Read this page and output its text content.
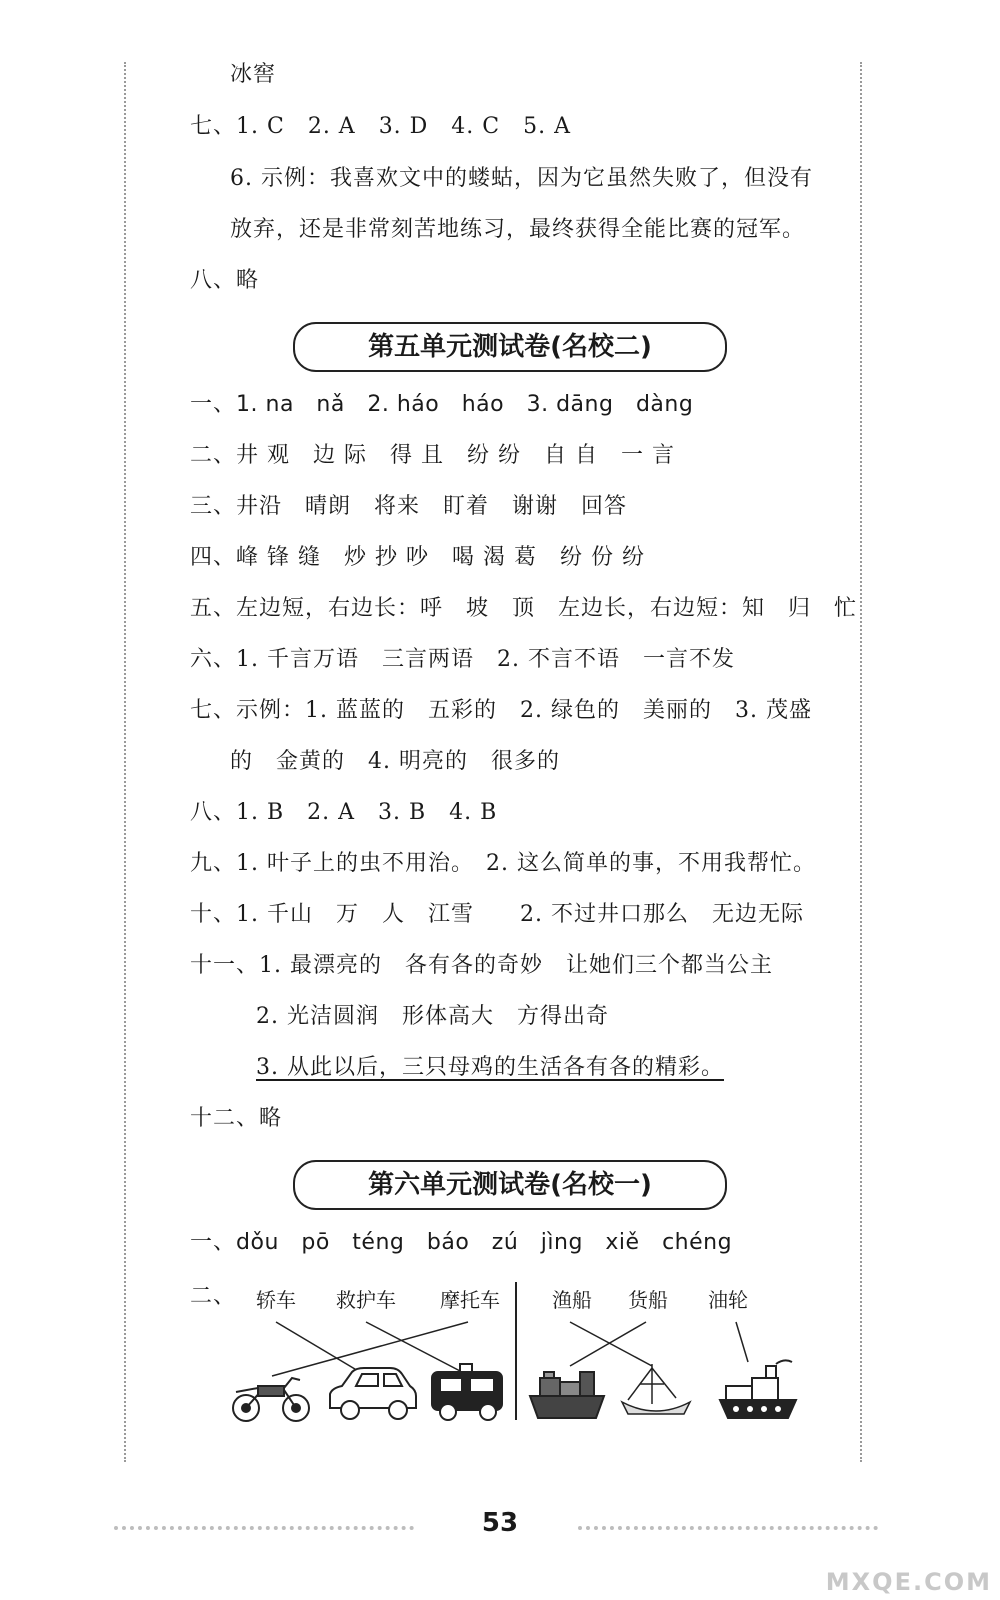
冰窖
七、1. C　2. A　3. D　4. C　5. A
6. 示例：我喜欢文中的蝼蛄，因为它虽然失败了，但没有
放弃，还是非常刻苦地练习，最终获得全能比赛的冠军。
八、略
第五单元测试卷(名校二)
一、1. na　nǎ　2. háo　háo　3. dāng　dàng
二、井 观　边 际　得 且　纷 纷　自 自　一 言
三、井沿　晴朗　将来　盯着　谢谢　回答
四、峰 锋 缝　炒 抄 吵　喝 渴 葛　纷 份 纷
五、左边短，右边长：呼　坡　顶　左边长，右边短：知　归　忙
六、1. 千言万语　三言两语　2. 不言不语　一言不发
七、示例：1. 蓝蓝的　五彩的　2. 绿色的　美丽的　3. 茂盛
的　金黄的　4. 明亮的　很多的
八、1. B　2. A　3. B　4. B
九、1. 叶子上的虫不用治。　2. 这么简单的事，不用我帮忙。
十、1. 千山　万　人　江雪　　2. 不过井口那么　无边无际
十一、1. 最漂亮的　各有各的奇妙　让她们三个都当公主
2. 光洁圆润　形体高大　方得出奇
3. 从此以后，三只母鸡的生活各有各的精彩。
十二、略
第六单元测试卷(名校一)
一、dǒu　pō　téng　báo　zú　jìng　xiě　chéng
二、 轿车 救护车 摩托车	渔船 货船 油轮
53
MXQE.COM
